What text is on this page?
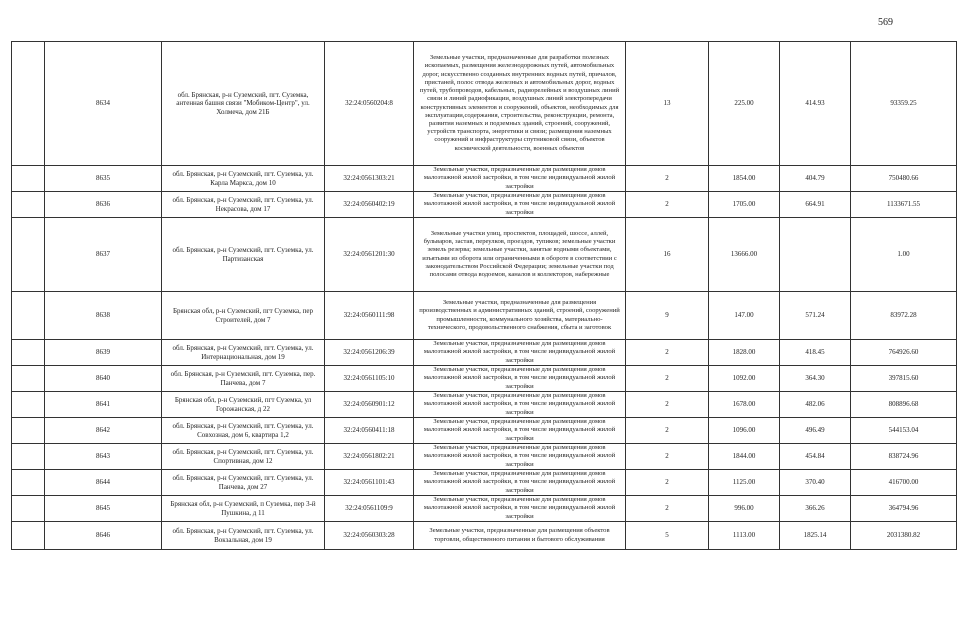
569
	8634	обл. Брянская, р-н Суземский, пгт. Суземка, антенная башня связи "Мобиком-Центр", ул. Холмеча, дом 21Б	32:24:0560204:8	Земельные участки, предназначенные для разработки полезных ископаемых, размещения железнодорожных путей, автомобильных дорог, искусственно созданных внутренних водных путей, причалов, пристаней, полос отвода железных и автомобильных дорог, водных путей, трубопроводов, кабельных, радиорелейных и воздушных линий связи и линий радиофикации, воздушных линий электропередачи конструктивных элементов и сооружений, объектов, необходимых для эксплуатации,содержания, строительства, реконструкции, ремонта, развития наземных и подземных зданий, строений, сооружений, устройств транспорта, энергетики и связи; размещения наземных сооружений и инфраструктуры спутниковой связи, объектов космической деятельности, военных объектов	13	225.00	414.93	93359.25
	8635	обл. Брянская, р-н Суземский, пгт. Суземка, ул. Карла Маркса, дом 10	32:24:0561303:21	Земельные участки, предназначенные для размещения домов малоэтажной жилой застройки, в том числе индивидуальной жилой застройки	2	1854.00	404.79	750480.66
	8636	обл. Брянская, р-н Суземский, пгт. Суземка, ул. Некрасова, дом 17	32:24:0560402:19	Земельные участки, предназначенные для размещения домов малоэтажной жилой застройки, в том числе индивидуальной жилой застройки	2	1705.00	664.91	1133671.55
	8637	обл. Брянская, р-н Суземский, пгт. Суземка, ул. Партизанская	32:24:0561201:30	Земельные участки улиц, проспектов, площадей, шоссе, аллей, бульваров, застав, переулков, проездов, тупиков; земельные участки земель резерва; земельные участки, занятые водными объектами, изъятыми из оборота или ограниченными в обороте в соответствии с законодательством Российской Федерации; земельные участки под полосами отвода водоемов, каналов и коллекторов, набережные	16	13666.00		1.00
	8638	Брянская обл, р-н Суземский, пгт Суземка, пер Строителей, дом 7	32:24:0560111:98	Земельные участки, предназначенные для размещения производственных и административных зданий, строений, сооружений промышленности, коммунального хозяйства, материально-технического, продовольственного снабжения, сбыта и заготовок	9	147.00	571.24	83972.28
	8639	обл. Брянская, р-н Суземский, пгт. Суземка, ул. Интернациональная, дом 19	32:24:0561206:39	Земельные участки, предназначенные для размещения домов малоэтажной жилой застройки, в том числе индивидуальной жилой застройки	2	1828.00	418.45	764926.60
	8640	обл. Брянская, р-н Суземский, пгт. Суземка, пер. Панчева, дом 7	32:24:0561105:10	Земельные участки, предназначенные для размещения домов малоэтажной жилой застройки, в том числе индивидуальной жилой застройки	2	1092.00	364.30	397815.60
	8641	Брянская обл, р-н Суземский, пгт Суземка, ул Горожанская, д 22	32:24:0560901:12	Земельные участки, предназначенные для размещения домов малоэтажной жилой застройки, в том числе индивидуальной жилой застройки	2	1678.00	482.06	808896.68
	8642	обл. Брянская, р-н Суземский, пгт. Суземка, ул. Совхозная, дом 6, квартира 1,2	32:24:0560411:18	Земельные участки, предназначенные для размещения домов малоэтажной жилой застройки, в том числе индивидуальной жилой застройки	2	1096.00	496.49	544153.04
	8643	обл. Брянская, р-н Суземский, пгт. Суземка, ул. Спортивная, дом 12	32:24:0561802:21	Земельные участки, предназначенные для размещения домов малоэтажной жилой застройки, в том числе индивидуальной жилой застройки	2	1844.00	454.84	838724.96
	8644	обл. Брянская, р-н Суземский, пгт. Суземка, ул. Панчева, дом 27	32:24:0561101:43	Земельные участки, предназначенные для размещения домов малоэтажной жилой застройки, в том числе индивидуальной жилой застройки	2	1125.00	370.40	416700.00
	8645	Брянская обл, р-н Суземский, п Суземка, пер 3-й Пушкина, д 11	32:24:0561109:9	Земельные участки, предназначенные для размещения домов малоэтажной жилой застройки, в том числе индивидуальной жилой застройки	2	996.00	366.26	364794.96
	8646	обл. Брянская, р-н Суземский, пгт. Суземка, ул. Вокзальная, дом 19	32:24:0560303:28	Земельные участки, предназначенные для размещения объектов торговли, общественного питания и бытового обслуживания	5	1113.00	1825.14	2031380.82
